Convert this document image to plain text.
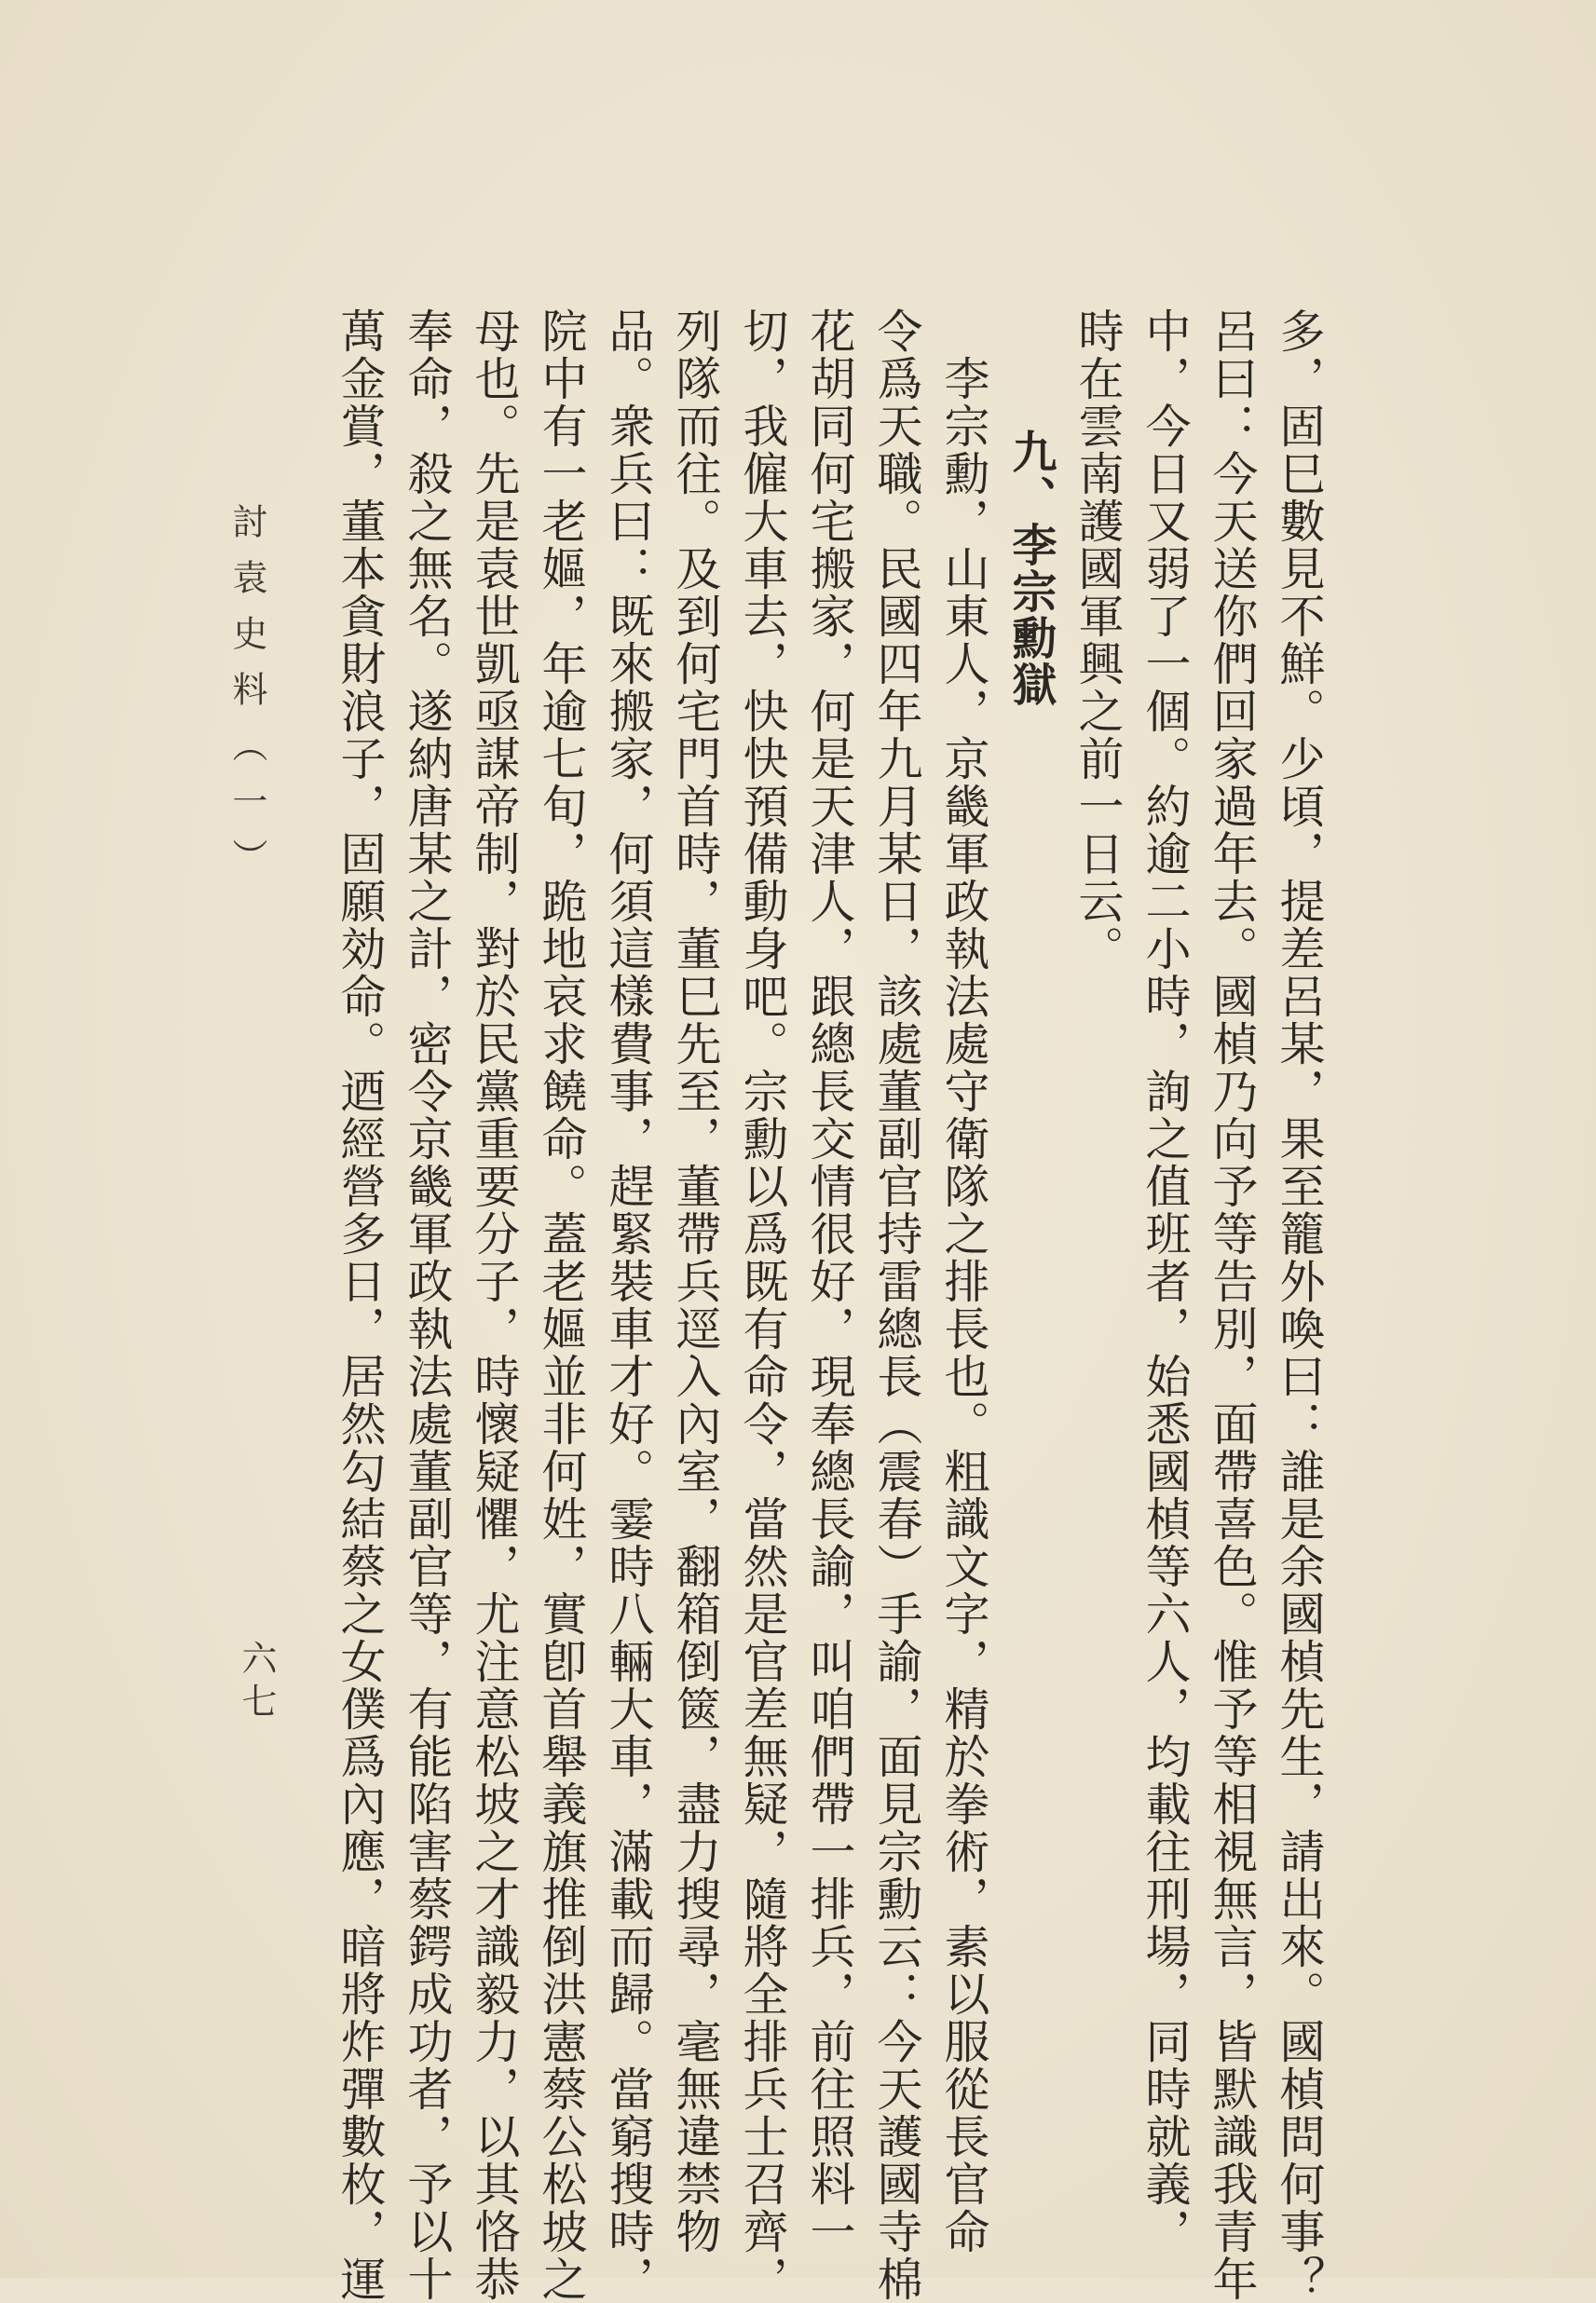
多，固巳數見不鮮。少頃，提差呂某，果至籠外喚曰：誰是余國楨先生，請出來。國楨問何事？
呂曰：今天送你們回家過年去。國楨乃向予等告別，面帶喜色。惟予等相視無言，皆默識我青年
中，今日又弱了一個。約逾二小時，詢之值班者，始悉國楨等六人，均載往刑場，同時就義，
時在雲南護國軍興之前一日云。
九、李宗勳獄
　李宗勳，山東人，京畿軍政執法處守衛隊之排長也。粗識文字，精於拳術，素以服從長官命
令爲天職。民國四年九月某日，該處董副官持雷總長（震春）手諭，面見宗勳云：今天護國寺棉
花胡同何宅搬家，何是天津人，跟總長交情很好，現奉總長諭，叫咱們帶一排兵，前往照料一
切，我僱大車去，快快預備動身吧。宗勳以爲既有命令，當然是官差無疑，隨將全排兵士召齊，
列隊而往。及到何宅門首時，董巳先至，董帶兵逕入內室，翻箱倒篋，盡力搜尋，毫無違禁物
品。衆兵曰：既來搬家，何須這樣費事，趕緊裝車才好。霎時八輛大車，滿載而歸。當窮搜時，
院中有一老嫗，年逾七旬，跪地哀求饒命。蓋老嫗並非何姓，實卽首舉義旗推倒洪憲蔡公松坡之
母也。先是袁世凱亟謀帝制，對於民黨重要分子，時懷疑懼，尤注意松坡之才識毅力，以其恪恭
奉命，殺之無名。遂納唐某之計，密令京畿軍政執法處董副官等，有能陷害蔡鍔成功者，予以十
萬金賞，董本貪財浪子，固願効命。迺經營多日，居然勾結蔡之女僕爲內應，暗將炸彈數枚，運
討袁史料（一）
六七
